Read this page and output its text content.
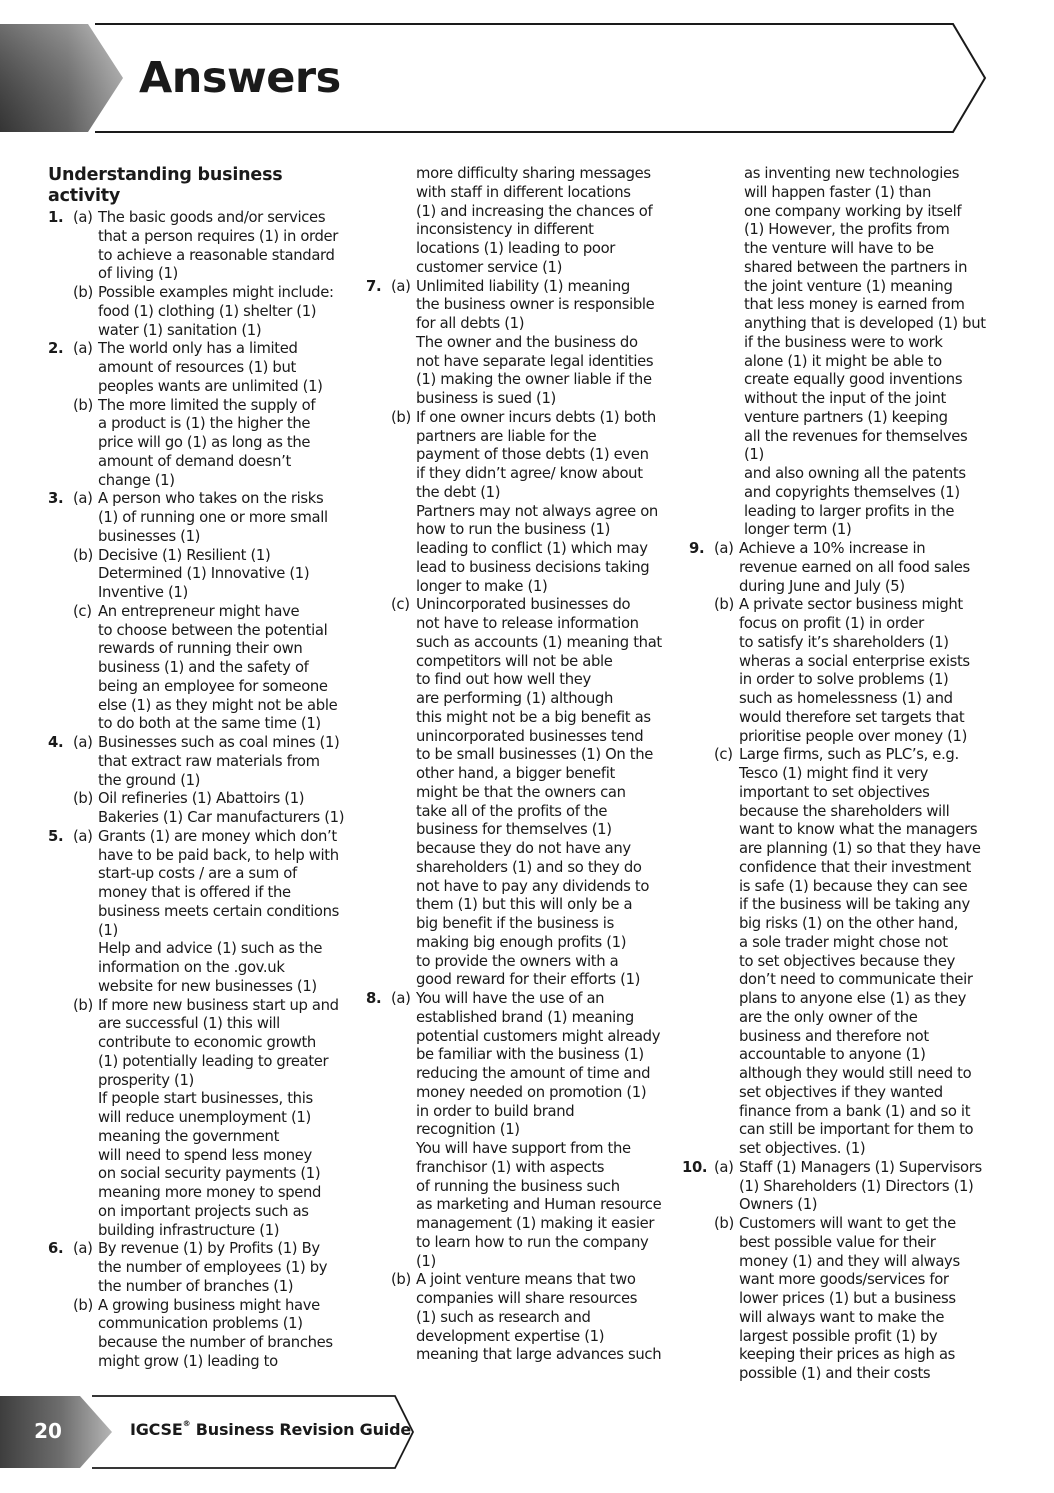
Answers
Understanding business
activity
1. (a) The basic goods and/or services
that a person requires (1) in order
to achieve a reasonable standard
of living (1)
(b) Possible examples might include:
food (1) clothing (1) shelter (1)
water (1) sanitation (1)
2. (a) The world only has a limited
amount of resources (1) but
peoples wants are unlimited (1)
(b) The more limited the supply of
a product is (1) the higher the
price will go (1) as long as the
amount of demand doesn’t
change (1)
3. (a) A person who takes on the risks
(1) of running one or more small
businesses (1)
(b) Decisive (1) Resilient (1)
Determined (1) Innovative (1)
Inventive (1)
(c) An entrepreneur might have
to choose between the potential
rewards of running their own
business (1) and the safety of
being an employee for someone
else (1) as they might not be able
to do both at the same time (1)
4. (a) Businesses such as coal mines (1)
that extract raw materials from
the ground (1)
(b) Oil refineries (1) Abattoirs (1)
Bakeries (1) Car manufacturers (1)
5. (a) Grants (1) are money which don’t
have to be paid back, to help with
start-up costs / are a sum of
money that is offered if the
business meets certain conditions
(1)
Help and advice (1) such as the
information on the .gov.uk
website for new businesses (1)
(b) If more new business start up and
are successful (1) this will
contribute to economic growth
(1) potentially leading to greater
prosperity (1)
If people start businesses, this
will reduce unemployment (1)
meaning the government
will need to spend less money
on social security payments (1)
meaning more money to spend
on important projects such as
building infrastructure (1)
6. (a) By revenue (1) by Profits (1) By
the number of employees (1) by
the number of branches (1)
(b) A growing business might have
communication problems (1)
because the number of branches
might grow (1) leading to
more difficulty sharing messages
with staff in different locations
(1) and increasing the chances of
inconsistency in different
locations (1) leading to poor
customer service (1)
7. (a) Unlimited liability (1) meaning
the business owner is responsible
for all debts (1)
The owner and the business do
not have separate legal identities
(1) making the owner liable if the
business is sued (1)
(b) If one owner incurs debts (1) both
partners are liable for the
payment of those debts (1) even
if they didn’t agree/ know about
the debt (1)
Partners may not always agree on
how to run the business (1)
leading to conflict (1) which may
lead to business decisions taking
longer to make (1)
(c) Unincorporated businesses do
not have to release information
such as accounts (1) meaning that
competitors will not be able
to find out how well they
are performing (1) although
this might not be a big benefit as
unincorporated businesses tend
to be small businesses (1) On the
other hand, a bigger benefit
might be that the owners can
take all of the profits of the
business for themselves (1)
because they do not have any
shareholders (1) and so they do
not have to pay any dividends to
them (1) but this will only be a
big benefit if the business is
making big enough profits (1)
to provide the owners with a
good reward for their efforts (1)
8. (a) You will have the use of an
established brand (1) meaning
potential customers might already
be familiar with the business (1)
reducing the amount of time and
money needed on promotion (1)
in order to build brand
recognition (1)
You will have support from the
franchisor (1) with aspects
of running the business such
as marketing and Human resource
management (1) making it easier
to learn how to run the company
(1)
(b) A joint venture means that two
companies will share resources
(1) such as research and
development expertise (1)
meaning that large advances such
as inventing new technologies
will happen faster (1) than
one company working by itself
(1) However, the profits from
the venture will have to be
shared between the partners in
the joint venture (1) meaning
that less money is earned from
anything that is developed (1) but
if the business were to work
alone (1) it might be able to
create equally good inventions
without the input of the joint
venture partners (1) keeping
all the revenues for themselves (1)
and also owning all the patents
and copyrights themselves (1)
leading to larger profits in the
longer term (1)
9. (a) Achieve a 10% increase in
revenue earned on all food sales
during June and July (5)
(b) A private sector business might
focus on profit (1) in order
to satisfy it’s shareholders (1)
wheras a social enterprise exists
in order to solve problems (1)
such as homelessness (1) and
would therefore set targets that
prioritise people over money (1)
(c) Large firms, such as PLC’s, e.g.
Tesco (1) might find it very
important to set objectives
because the shareholders will
want to know what the managers
are planning (1) so that they have
confidence that their investment
is safe (1) because they can see
if the business will be taking any
big risks (1) on the other hand,
a sole trader might chose not
to set objectives because they
don’t need to communicate their
plans to anyone else (1) as they
are the only owner of the
business and therefore not
accountable to anyone (1)
although they would still need to
set objectives if they wanted
finance from a bank (1) and so it
can still be important for them to
set objectives. (1)
10. (a) Staff (1) Managers (1) Supervisors
(1) Shareholders (1) Directors (1)
Owners (1)
(b) Customers will want to get the
best possible value for their
money (1) and they will always
want more goods/services for
lower prices (1) but a business
will always want to make the
largest possible profit (1) by
keeping their prices as high as
possible (1) and their costs
20	IGCSE® Business Revision Guide
